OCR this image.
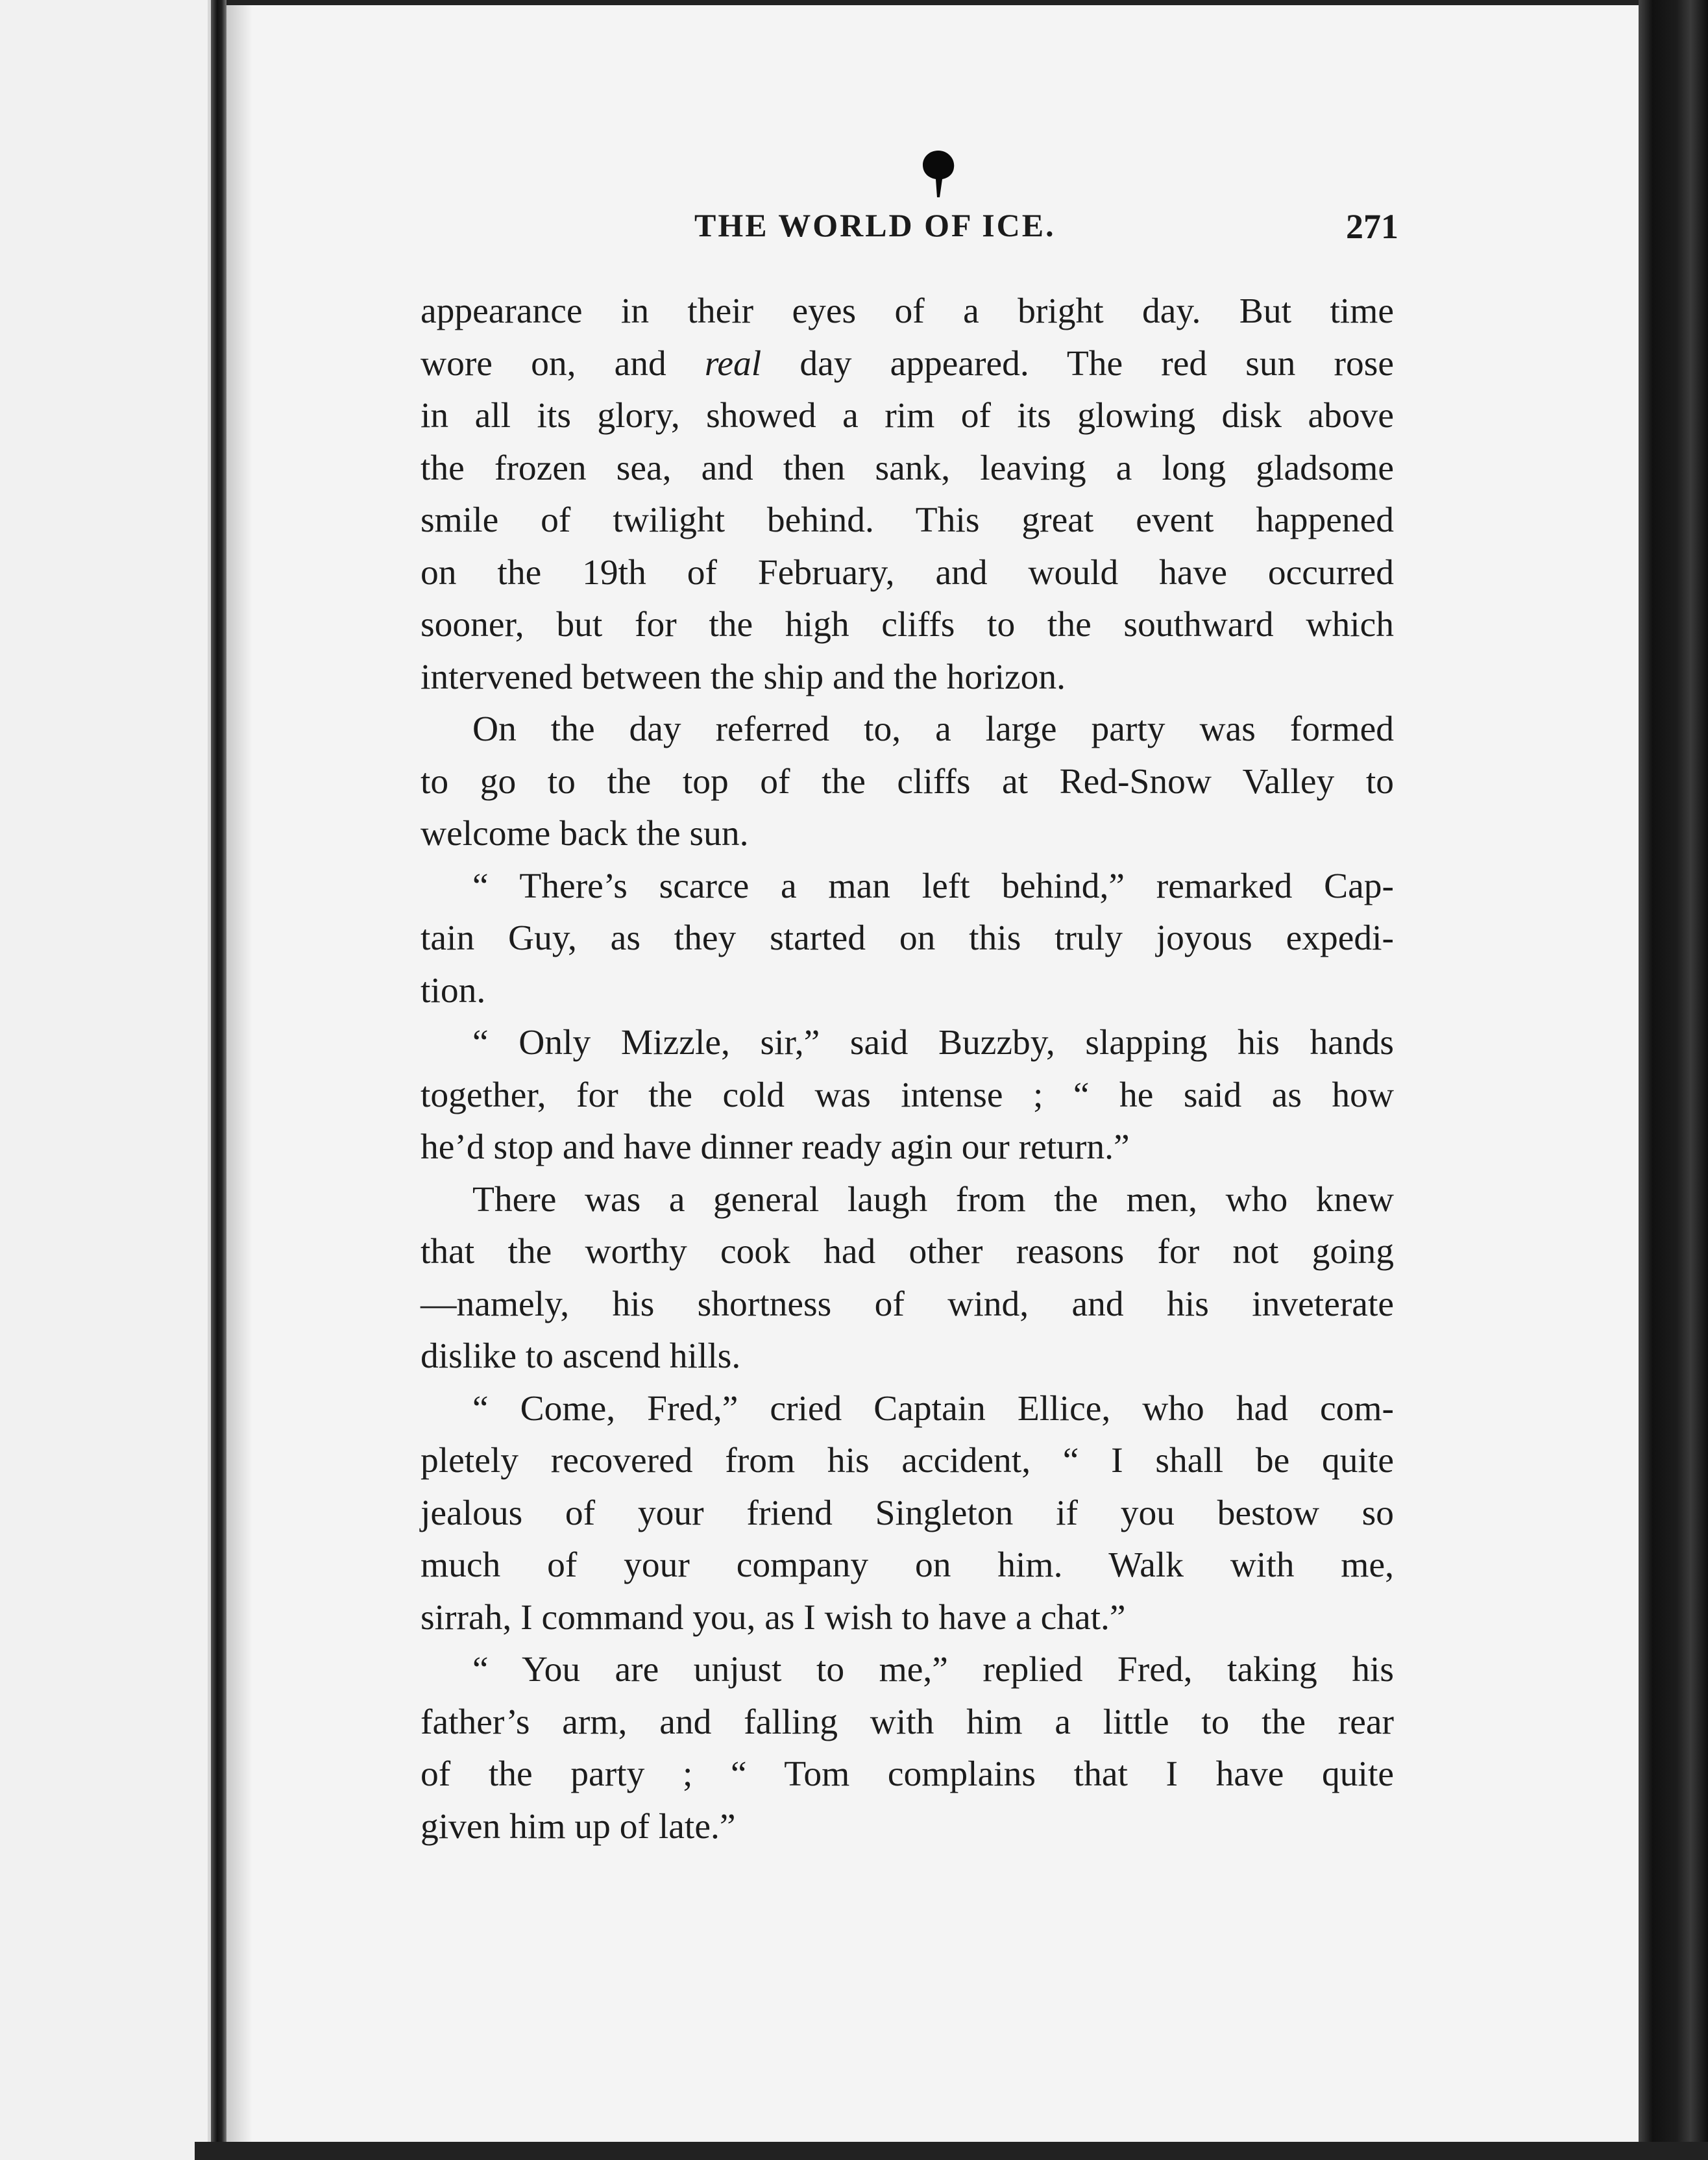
THE WORLD OF ICE.	271
appearance in their eyes of a bright day. But time
wore on, and real day appeared. The red sun rose
in all its glory, showed a rim of its glowing disk above
the frozen sea, and then sank, leaving a long gladsome
smile of twilight behind. This great event happened
on the 19th of February, and would have occurred
sooner, but for the high cliffs to the southward which
intervened between the ship and the horizon.
On the day referred to, a large party was formed
to go to the top of the cliffs at Red-Snow Valley to
welcome back the sun.
“ There’s scarce a man left behind,” remarked Cap-
tain Guy, as they started on this truly joyous expedi-
tion.
“ Only Mizzle, sir,” said Buzzby, slapping his hands
together, for the cold was intense ; “ he said as how
he’d stop and have dinner ready agin our return.”
There was a general laugh from the men, who knew
that the worthy cook had other reasons for not going
—namely, his shortness of wind, and his inveterate
dislike to ascend hills.
“ Come, Fred,” cried Captain Ellice, who had com-
pletely recovered from his accident, “ I shall be quite
jealous of your friend Singleton if you bestow so
much of your company on him. Walk with me,
sirrah, I command you, as I wish to have a chat.”
“ You are unjust to me,” replied Fred, taking his
father’s arm, and falling with him a little to the rear
of the party ; “ Tom complains that I have quite
given him up of late.”
